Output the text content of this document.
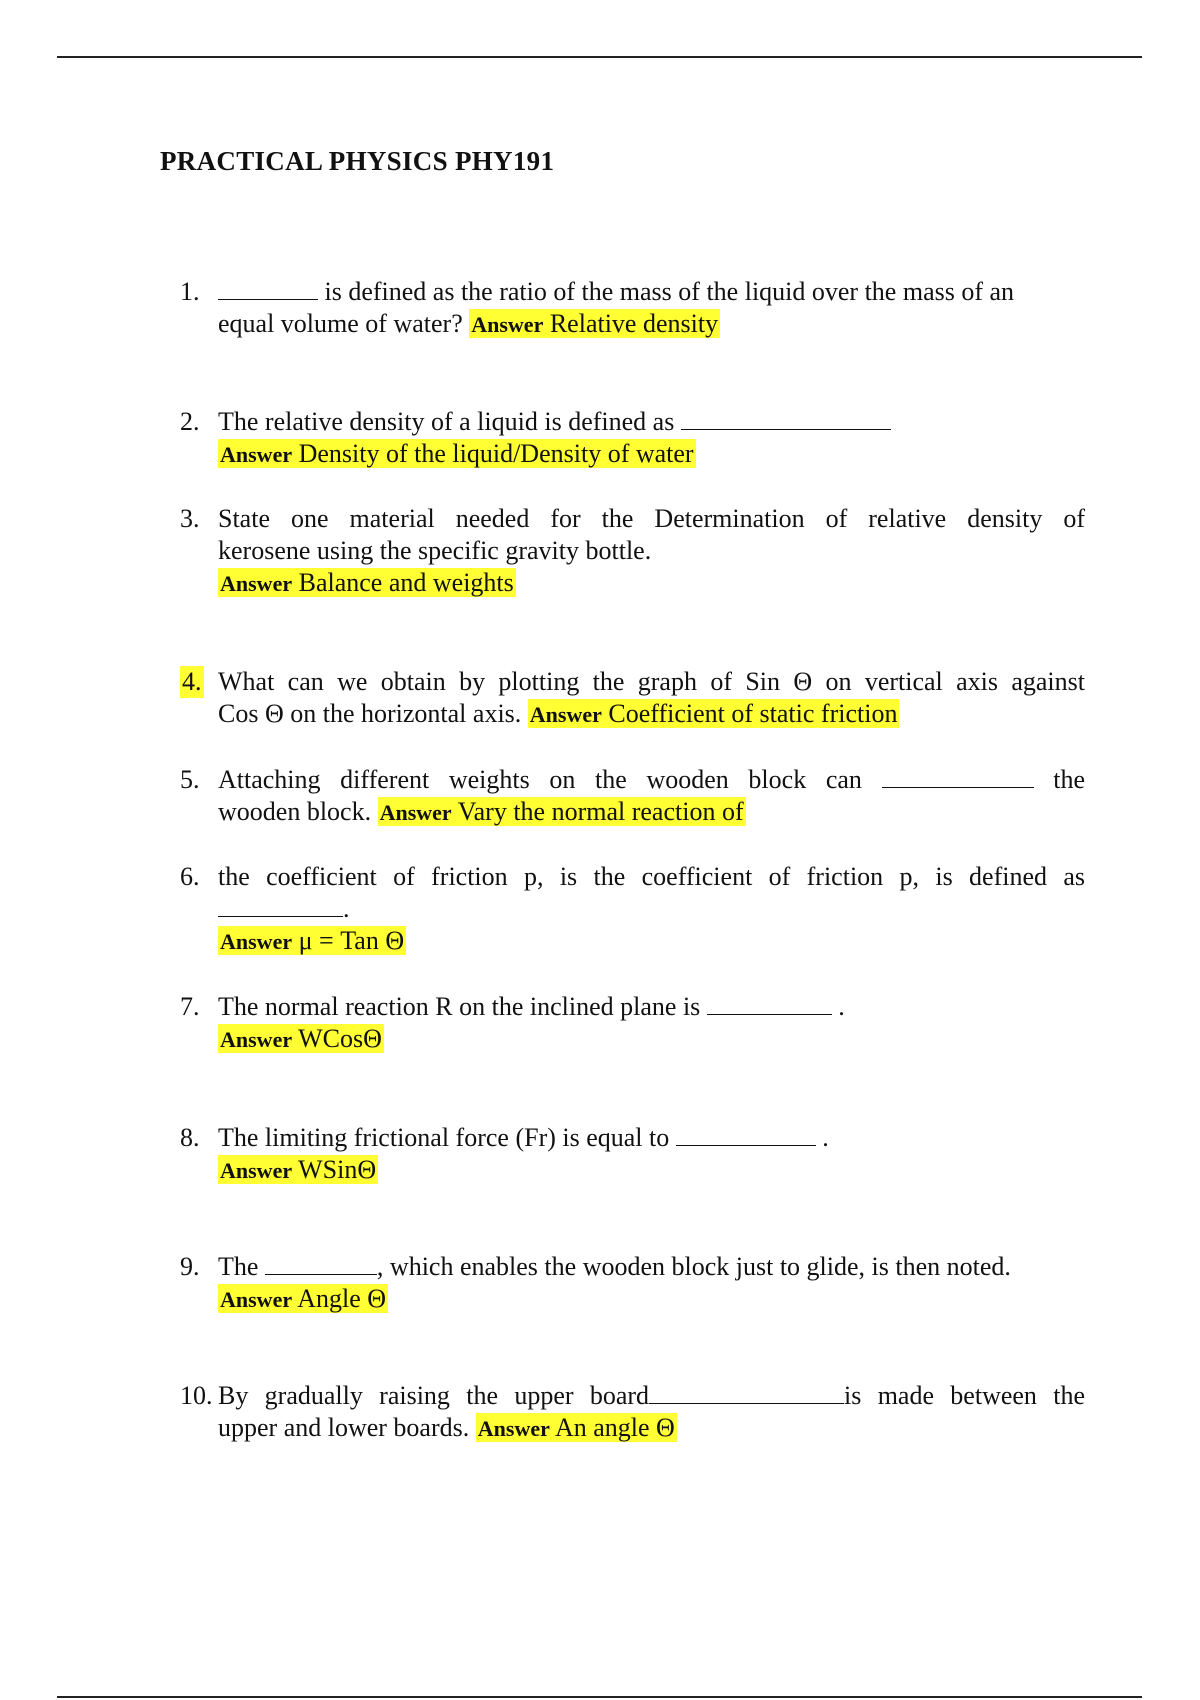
PRACTICAL PHYSICS PHY191
1.	is defined as the ratio of the mass of the liquid over the mass of an
equal volume of water? Answer Relative density
2. The relative density of a liquid is defined as
Answer Density of the liquid/Density of water
3. State one material needed for the Determination of relative density of
kerosene using the specific gravity bottle.
Answer Balance and weights
4. What can we obtain by plotting the graph of Sin Θ on vertical axis against
Cos Θ on the horizontal axis. Answer Coefficient of static friction
5. Attaching different weights on the wooden block can	the
wooden block. Answer Vary the normal reaction of
6. the coefficient of friction p, is the coefficient of friction p, is defined as
.
Answer μ = Tan Θ
7. The normal reaction R on the inclined plane is	.
Answer WCosΘ
8. The limiting frictional force (Fr) is equal to	.
Answer WSinΘ
9. The	, which enables the wooden block just to glide, is then noted.
Answer Angle Θ
10. By gradually raising the upper board	is made between the
upper and lower boards. Answer An angle Θ
